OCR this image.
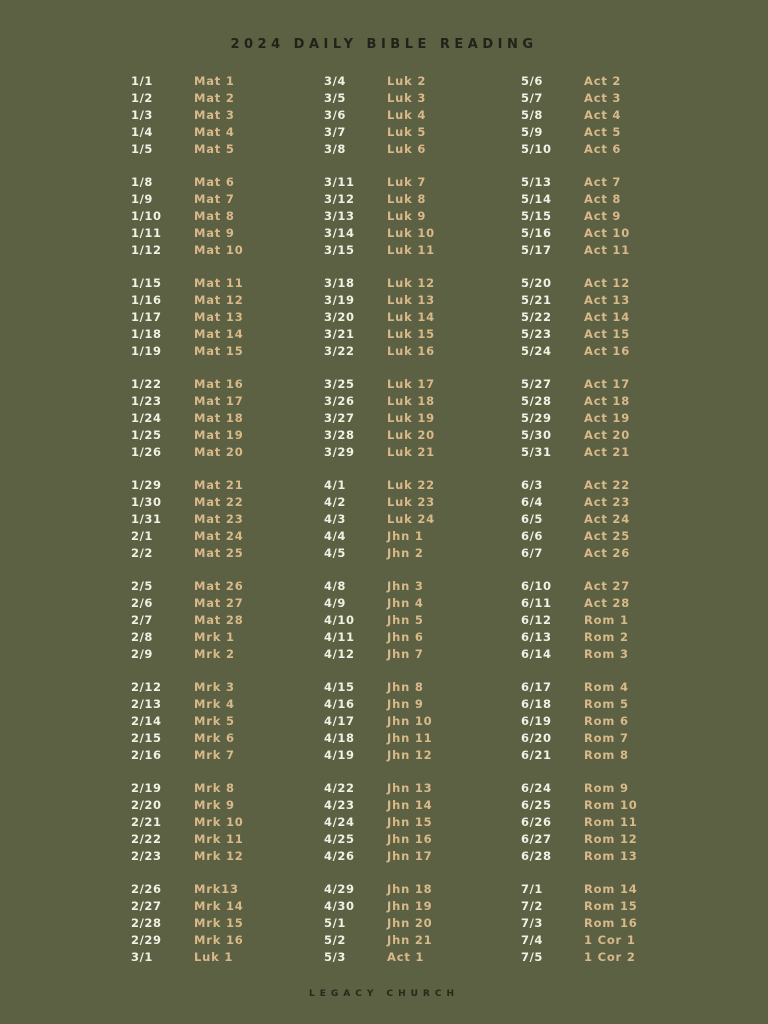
2024 DAILY BIBLE READING
1/1	Mat 1
1/2	Mat 2
1/3	Mat 3
1/4	Mat 4
1/5	Mat 5
1/8	Mat 6
1/9	Mat 7
1/10	Mat 8
1/11	Mat 9
1/12	Mat 10
1/15	Mat 11
1/16	Mat 12
1/17	Mat 13
1/18	Mat 14
1/19	Mat 15
1/22	Mat 16
1/23	Mat 17
1/24	Mat 18
1/25	Mat 19
1/26	Mat 20
1/29	Mat 21
1/30	Mat 22
1/31	Mat 23
2/1	Mat 24
2/2	Mat 25
2/5	Mat 26
2/6	Mat 27
2/7	Mat 28
2/8	Mrk 1
2/9	Mrk 2
2/12	Mrk 3
2/13	Mrk 4
2/14	Mrk 5
2/15	Mrk 6
2/16	Mrk 7
2/19	Mrk 8
2/20	Mrk 9
2/21	Mrk 10
2/22	Mrk 11
2/23	Mrk 12
2/26	Mrk13
2/27	Mrk 14
2/28	Mrk 15
2/29	Mrk 16
3/1	Luk 1
3/4	Luk 2
3/5	Luk 3
3/6	Luk 4
3/7	Luk 5
3/8	Luk 6
3/11	Luk 7
3/12	Luk 8
3/13	Luk 9
3/14	Luk 10
3/15	Luk 11
3/18	Luk 12
3/19	Luk 13
3/20	Luk 14
3/21	Luk 15
3/22	Luk 16
3/25	Luk 17
3/26	Luk 18
3/27	Luk 19
3/28	Luk 20
3/29	Luk 21
4/1	Luk 22
4/2	Luk 23
4/3	Luk 24
4/4	Jhn 1
4/5	Jhn 2
4/8	Jhn 3
4/9	Jhn 4
4/10	Jhn 5
4/11	Jhn 6
4/12	Jhn 7
4/15	Jhn 8
4/16	Jhn 9
4/17	Jhn 10
4/18	Jhn 11
4/19	Jhn 12
4/22	Jhn 13
4/23	Jhn 14
4/24	Jhn 15
4/25	Jhn 16
4/26	Jhn 17
4/29	Jhn 18
4/30	Jhn 19
5/1	Jhn 20
5/2	Jhn 21
5/3	Act 1
5/6	Act 2
5/7	Act 3
5/8	Act 4
5/9	Act 5
5/10	Act 6
5/13	Act 7
5/14	Act 8
5/15	Act 9
5/16	Act 10
5/17	Act 11
5/20	Act 12
5/21	Act 13
5/22	Act 14
5/23	Act 15
5/24	Act 16
5/27	Act 17
5/28	Act 18
5/29	Act 19
5/30	Act 20
5/31	Act 21
6/3	Act 22
6/4	Act 23
6/5	Act 24
6/6	Act 25
6/7	Act 26
6/10	Act 27
6/11	Act 28
6/12	Rom 1
6/13	Rom 2
6/14	Rom 3
6/17	Rom 4
6/18	Rom 5
6/19	Rom 6
6/20	Rom 7
6/21	Rom 8
6/24	Rom 9
6/25	Rom 10
6/26	Rom 11
6/27	Rom 12
6/28	Rom 13
7/1	Rom 14
7/2	Rom 15
7/3	Rom 16
7/4	1 Cor 1
7/5	1 Cor 2
LEGACY CHURCH
